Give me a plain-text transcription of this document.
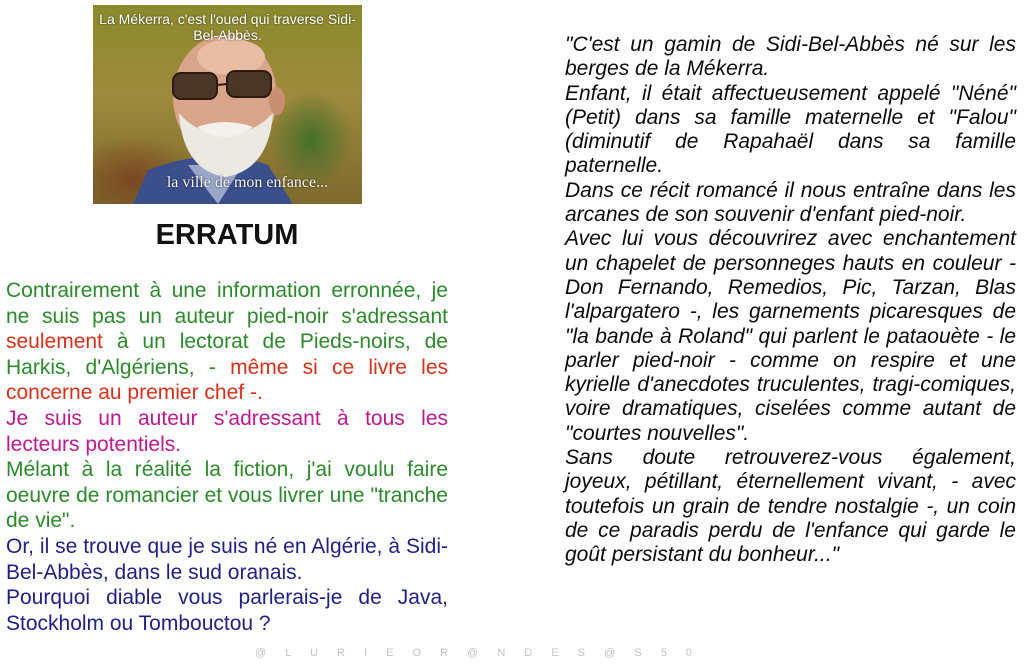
La Mékerra, c'est l'oued qui traverse Sidi-Bel-Abbès.
la ville de mon enfance...
ERRATUM

Contrairement à une information erronnée, je ne suis pas un auteur pied-noir s'adressant seulement à un lectorat de Pieds-noirs, de Harkis, d'Algériens, - même si ce livre les concerne au premier chef -.

Je suis un auteur s'adressant à tous les lecteurs potentiels.

Mélant à la réalité la fiction, j'ai voulu faire oeuvre de romancier et vous livrer une "tranche de vie".

Or, il se trouve que je suis né en Algérie, à Sidi-Bel-Abbès, dans le sud oranais.

Pourquoi diable vous parlerais-je de Java, Stockholm ou Tombouctou ?

"C'est un gamin de Sidi-Bel-Abbès né sur les berges de la Mékerra.

Enfant, il était affectueusement appelé "Néné" (Petit) dans sa famille maternelle et "Falou" (diminutif de Rapahaël dans sa famille paternelle.

Dans ce récit romancé il nous entraîne dans les arcanes de son souvenir d'enfant pied-noir.

Avec lui vous découvrirez avec enchantement un chapelet de personneges hauts en couleur - Don Fernando, Remedios, Pic, Tarzan, Blas l'alpargatero -, les garnements picaresques de "la bande à Roland" qui parlent le pataouète - le parler pied-noir - comme on respire et une kyrielle d'anecdotes truculentes, tragi-comiques, voire dramatiques, ciselées comme autant de "courtes nouvelles".

Sans doute retrouverez-vous également, joyeux, pétillant, éternellement vivant, - avec toutefois un grain de tendre nostalgie -, un coin de ce paradis perdu de l'enfance qui garde le goût persistant du bonheur..."

@ L U R I E O R @ N D E S @ S 5 0
